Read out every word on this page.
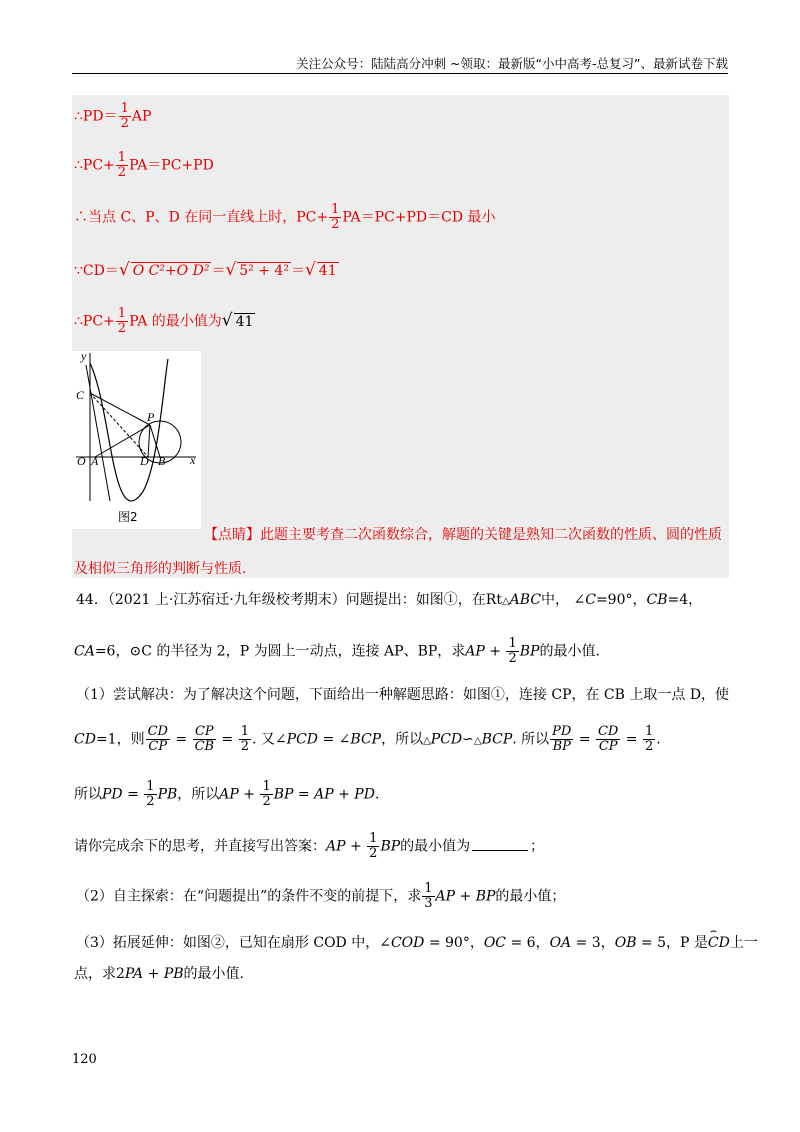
关注公众号：陆陆高分冲刺 ~领取：最新版“小中高考-总复习”、最新试卷下载
∴PD＝ $\frac{1}{2}$ AP
∴PC+ $\frac{1}{2} PA=PC+PD$
∴当点 C、P、D 在同一直线上时，$PC+ \frac{1}{2} PA=PC+PD=CD$ 最小
∵CD＝√ O C²+O D² ＝√ 5² + 4² ＝√ 41
∴PC+ $\frac{1}{2}$ PA 的最小值为√ 41
y
x
C
P
O A	D B
图2
【点睛】此题主要考查二次函数综合，解题的关键是熟知二次函数的性质、圆的性质
及相似三角形的判断与性质.
44．（2021 上·江苏宿迁·九年级校考期末）问题提出：如图①，在Rt△ABC中， ∠C=90°，CB=4，
CA=6，⊙C 的半径为 2，P 为圆上一动点，连接 AP、BP，求AP + $\frac{1}{2}$ BP的最小值.
（1）尝试解决：为了解决这个问题，下面给出一种解题思路：如图①，连接 CP，在 CB 上取一点 D，使
CD=1，则 $\frac{CD}{CP} = \frac{CP}{CB} = \frac{1}{2}$ . 又∠PCD = ∠BCP，所以△PCD∽△BCP. 所以 $\frac{PD}{BP} = \frac{CD}{CP} = \frac{1}{2}$ .
所以PD = $\frac{1}{2}$ PB，所以AP + $\frac{1}{2}$ BP = AP + PD.
请你完成余下的思考，并直接写出答案：AP + $\frac{1}{2}$ BP的最小值为	；
（2）自主探索：在“问题提出”的条件不变的前提下，求 $\frac{1}{3}$ AP + BP的最小值；
（3）拓展延伸：如图②，已知在扇形 COD 中，∠COD = 90°，OC = 6，OA = 3，OB = 5，P 是⌢ CD上一
点，求2PA + PB的最小值.
120
